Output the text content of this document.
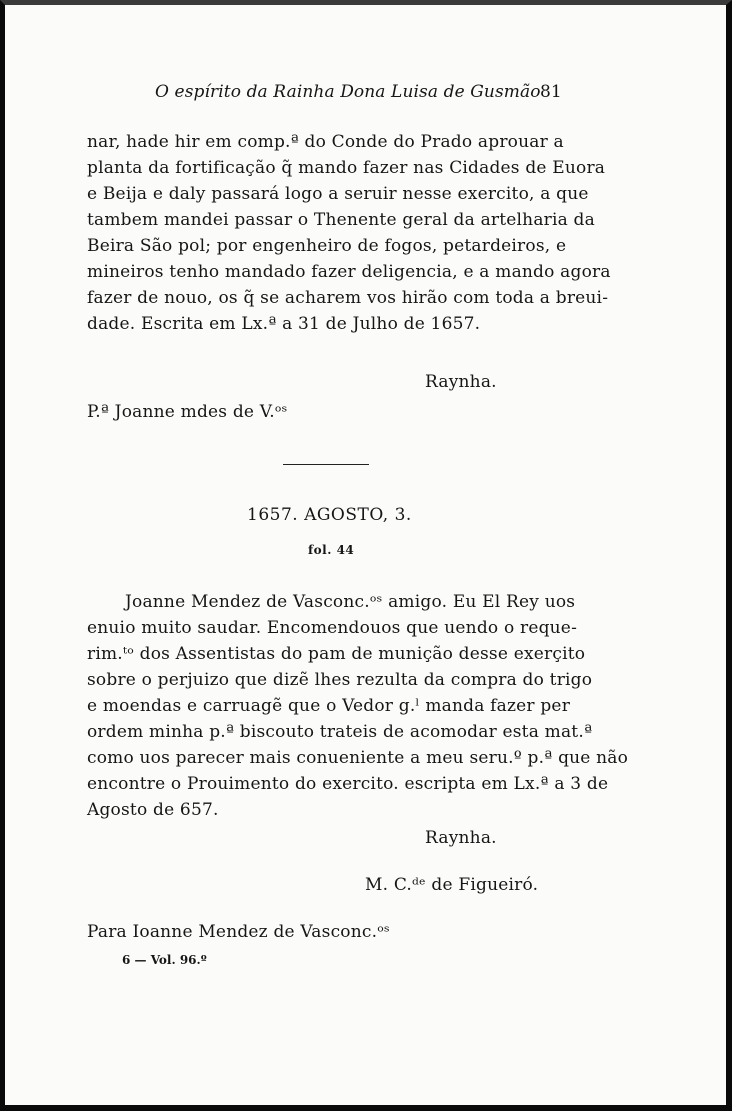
O espírito da Rainha Dona Luisa de Gusmão 81
nar, hade hir em comp.ª do Conde do Prado aprouar a
planta da fortificação q̃ mando fazer nas Cidades de Euora
e Beija e daly passará logo a seruir nesse exercito, a que
tambem mandei passar o Thenente geral da artelharia da
Beira São pol; por engenheiro de fogos, petardeiros, e
mineiros tenho mandado fazer deligencia, e a mando agora
fazer de nouo, os q̃ se acharem vos hirão com toda a breui-
dade. Escrita em Lx.ª a 31 de Julho de 1657.
Raynha.
P.ª Joanne mdes de V.ᵒˢ
1657. AGOSTO, 3.
fol. 44
Joanne Mendez de Vasconc.ᵒˢ amigo. Eu El Rey uos
enuio muito saudar. Encomendouos que uendo o reque-
rim.ᵗᵒ dos Assentistas do pam de munição desse exerçito
sobre o perjuizo que dizẽ lhes rezulta da compra do trigo
e moendas e carruagẽ que o Vedor g.ˡ manda fazer per
ordem minha p.ª biscouto trateis de acomodar esta mat.ª
como uos parecer mais conueniente a meu seru.º p.ª que não
encontre o Prouimento do exercito. escripta em Lx.ª a 3 de
Agosto de 657.
Raynha.
M. C.ᵈᵉ de Figueiró.
Para Ioanne Mendez de Vasconc.ᵒˢ
6 — Vol. 96.º
